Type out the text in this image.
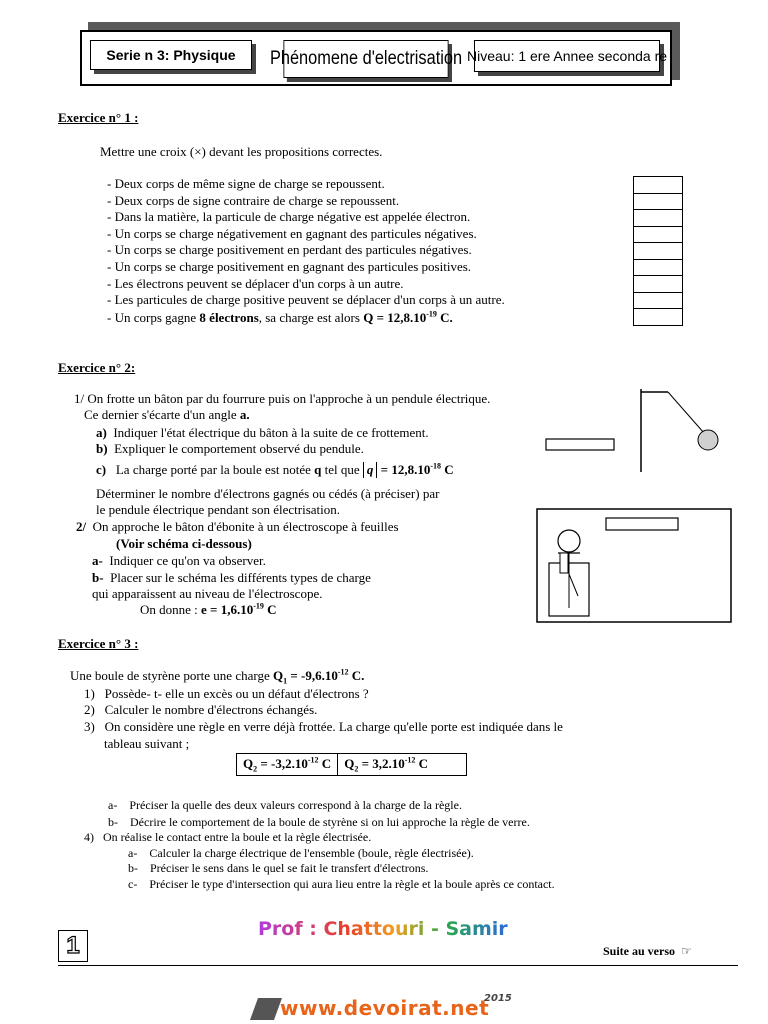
Serie n 3: Physique	Phénomene d'electrisation Niveau: 1 ere Annee seconda re
Exercice n° 1 :
Mettre une croix (×) devant les propositions correctes.
- Deux corps de même signe de charge se repoussent.
- Deux corps de signe contraire de charge se repoussent.
- Dans la matière, la particule de charge négative est appelée électron.
- Un corps se charge négativement en gagnant des particules négatives.
- Un corps se charge positivement en perdant des particules négatives.
- Un corps se charge positivement en gagnant des particules positives.
- Les électrons peuvent se déplacer d'un corps à un autre.
- Les particules de charge positive peuvent se déplacer d'un corps à un autre.
- Un corps gagne 8 électrons, sa charge est alors $Q = 12,8.10^{-19}$ C.

Exercice n° 2:
1/ On frotte un bâton par du fourrure puis on l'approche à un pendule électrique.
Ce dernier s'écarte d'un angle a.
a) Indiquer l'état électrique du bâton à la suite de ce frottement.
b) Expliquer le comportement observé du pendule.
c) La charge porté par la boule est notée q tel que $q = 12,8.10^{-18}$ C
Déterminer le nombre d'électrons gagnés ou cédés (à préciser) par
le pendule électrique pendant son électrisation.
2/ On approche le bâton d'ébonite à un électroscope à feuilles
(Voir schéma ci-dessous)
a- Indiquer ce qu'on va observer.
b- Placer sur le schéma les différents types de charge
qui apparaissent au niveau de l'électroscope.
On donne : $e = 1,6.10^{-19}$ C
Exercice n° 3 :
Une boule de styrène porte une charge $Q_1 = -9,6.10^{-12}$ C.
1) Possède- t- elle un excès ou un défaut d'électrons ?
2) Calculer le nombre d'électrons échangés.
3) On considère une règle en verre déjà frottée. La charge qu'elle porte est indiquée dans le
tableau suivant ;
$Q_2 = -3,2.10^{-12}$ C	$Q_2 = 3,2.10^{-12}$ C
a- Préciser la quelle des deux valeurs correspond à la charge de la règle.
b- Décrire le comportement de la boule de styrène si on lui approche la règle de verre.
4) On réalise le contact entre la boule et la règle électrisée.
a- Calculer la charge électrique de l'ensemble (boule, règle électrisée).
b- Préciser le sens dans le quel se fait le transfert d'électrons.
c- Préciser le type d'intersection qui aura lieu entre la règle et la boule après ce contact.
1
Prof : Chattouri - Samir
Suite au verso ☞
www.devoirat.net
2015
